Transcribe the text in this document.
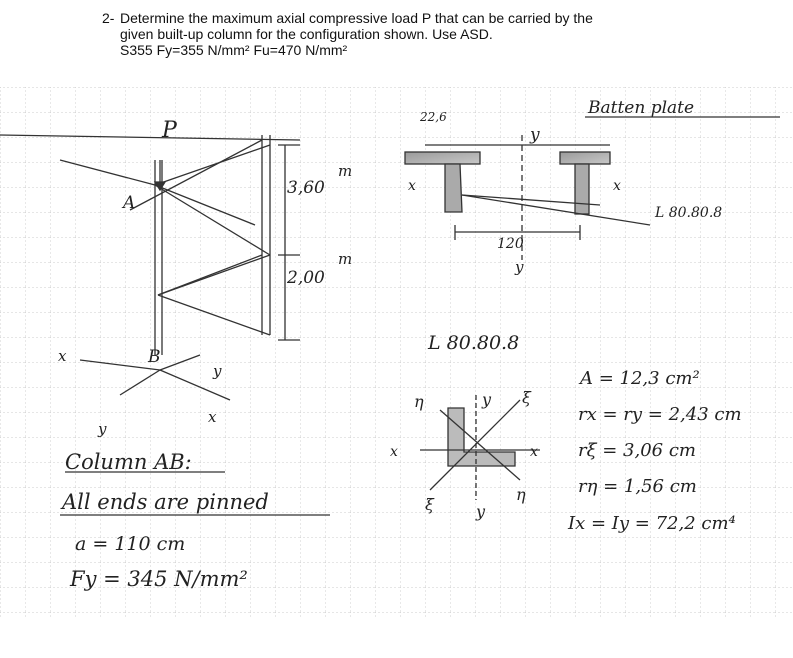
2- Determine the maximum axial compressive load P that can be carried by the
given built-up column for the configuration shown. Use ASD.
S355 Fy=355 N/mm² Fu=470 N/mm²
P
A
B
3,60
m
2,00
m
x
x
y
y
22,6
y
x	x
120
y
Batten plate
L 80.80.8
L 80.80.8
η	ξ
y
x	x
ξ	y
η
A = 12,3 cm²
rx = ry = 2,43 cm
rξ = 3,06 cm
rη = 1,56 cm
Ix = Iy = 72,2 cm⁴
Column AB:
All ends are pinned
a = 110 cm
Fy = 345 N/mm²
